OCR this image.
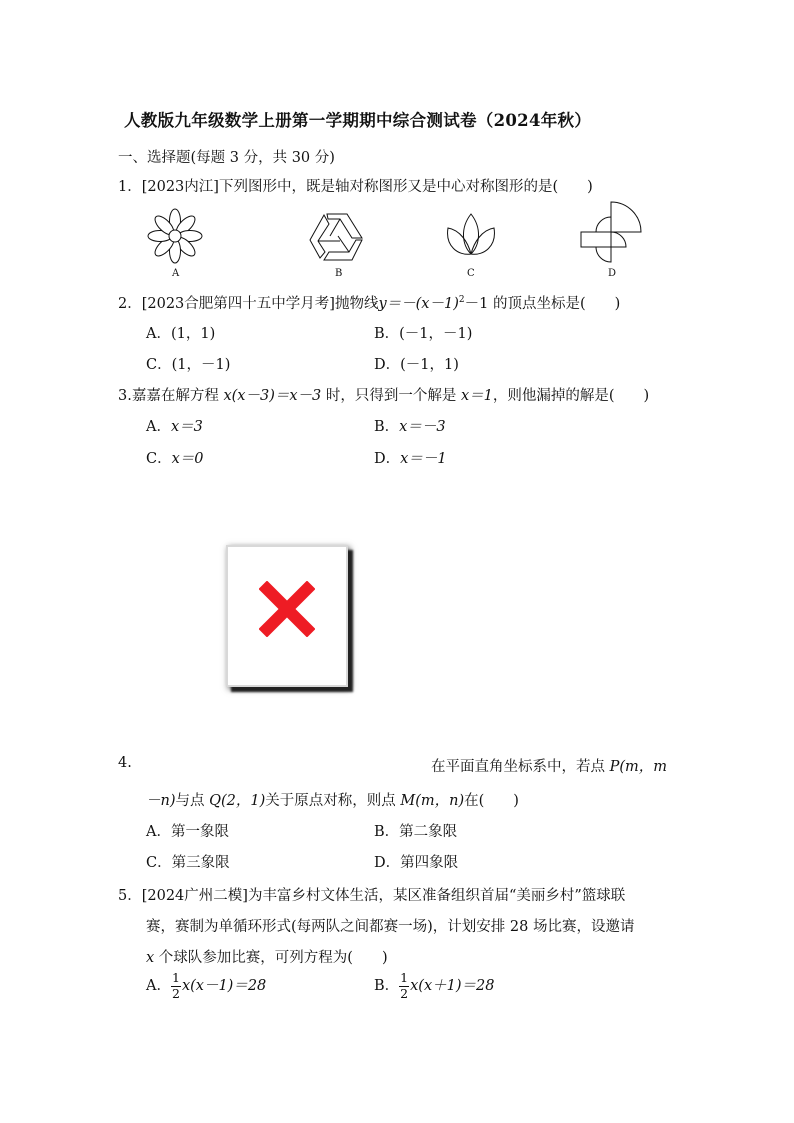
人教版九年级数学上册第一学期期中综合测试卷（2024年秋）
一、选择题(每题 3 分，共 30 分)
1．[2023内江]下列图形中，既是轴对称图形又是中心对称图形的是(　　)
A	B	C	D
2．[2023合肥第四十五中学月考]抛物线$y=-(x-1)^2-1$ 的顶点坐标是(　　)
A．(1，1)	B．(－1，－1)
C．(1，－1)	D．(－1，1)
3.嘉嘉在解方程 x(x－3)＝x－3 时，只得到一个解是 x＝1，则他漏掉的解是(　　)
A．x＝3	B．x＝－3
C．x＝0	D．x＝－1
4.	在平面直角坐标系中，若点 P(m，m
－n)与点 Q(2，1)关于原点对称，则点 M(m，n)在(　　)
A．第一象限	B．第二象限
C．第三象限	D．第四象限
5．[2024广州二模]为丰富乡村文体生活，某区准备组织首届“美丽乡村”篮球联
赛，赛制为单循环形式(每两队之间都赛一场)，计划安排 28 场比赛，设邀请
x 个球队参加比赛，可列方程为(　　)
A． $\frac{1}{2} x(x-1)=28$	B． $\frac{1}{2} x(x+1)=28$
